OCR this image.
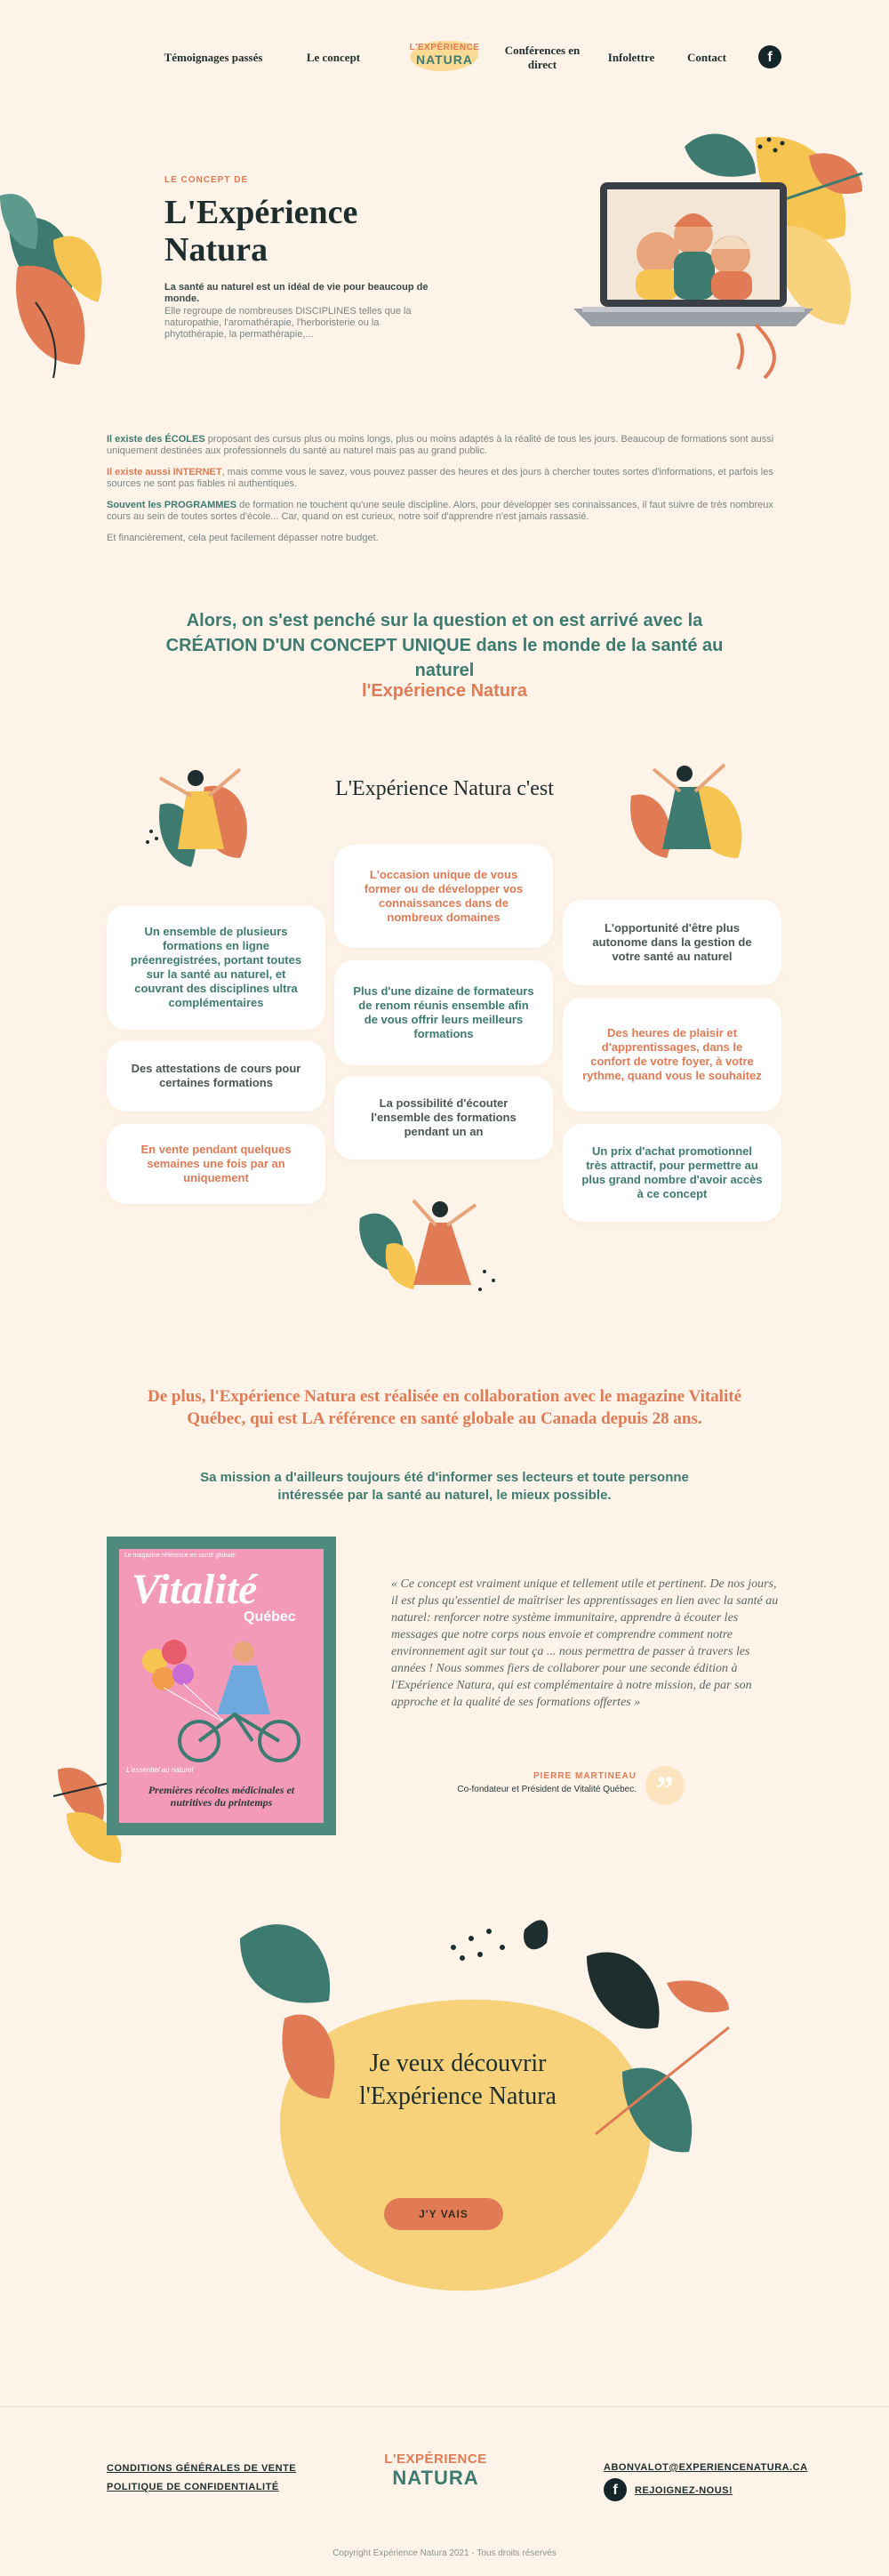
Témoignages passés	Le concept
L'EXPÉRIENCE
NATURA
Conférences en direct
Infolettre	Contact	f
LE CONCEPT DE
L'Expérience Natura

La santé au naturel est un idéal de vie pour beaucoup de monde.

Elle regroupe de nombreuses DISCIPLINES telles que la naturopathie, l'aromathérapie, l'herboristerie ou la phytothérapie, la permathérapie,...

Il existe des ÉCOLES proposant des cursus plus ou moins longs, plus ou moins adaptés à la réalité de tous les jours. Beaucoup de formations sont aussi uniquement destinées aux professionnels du santé au naturel mais pas au grand public.

Il existe aussi INTERNET, mais comme vous le savez, vous pouvez passer des heures et des jours à chercher toutes sortes d'informations, et parfois les sources ne sont pas fiables ni authentiques.

Souvent les PROGRAMMES de formation ne touchent qu'une seule discipline. Alors, pour développer ses connaissances, il faut suivre de très nombreux cours au sein de toutes sortes d'école... Car, quand on est curieux, notre soif d'apprendre n'est jamais rassasié.

Et financièrement, cela peut facilement dépasser notre budget.

Alors, on s'est penché sur la question et on est arrivé avec la CRÉATION D'UN CONCEPT UNIQUE dans le monde de la santé au naturel
l'Expérience Natura
L'Expérience Natura c'est
L'occasion unique de vous former ou de développer vos connaissances dans de nombreux domaines
Un ensemble de plusieurs formations en ligne préenregistrées, portant toutes sur la santé au naturel, et couvrant des disciplines ultra complémentaires
Plus d'une dizaine de formateurs de renom réunis ensemble afin de vous offrir leurs meilleurs formations
L'opportunité d'être plus autonome dans la gestion de votre santé au naturel
Des attestations de cours pour certaines formations
Des heures de plaisir et d'apprentissages, dans le confort de votre foyer, à votre rythme, quand vous le souhaitez
La possibilité d'écouter l'ensemble des formations pendant un an
En vente pendant quelques semaines une fois par an uniquement
Un prix d'achat promotionnel très attractif, pour permettre au plus grand nombre d'avoir accès à ce concept
De plus, l'Expérience Natura est réalisée en collaboration avec le magazine Vitalité Québec, qui est LA référence en santé globale au Canada depuis 28 ans.
Sa mission a d'ailleurs toujours été d'informer ses lecteurs et toute personne intéressée par la santé au naturel, le mieux possible.
Le magazine référence en santé globale
Vitalité
Québec
L'essentiel au naturel
Premières récoltes médicinales et nutritives du printemps

« Ce concept est vraiment unique et tellement utile et pertinent. De nos jours, il est plus qu'essentiel de maîtriser les apprentissages en lien avec la santé au naturel: renforcer notre système immunitaire, apprendre à écouter les messages que notre corps nous envoie et comprendre comment notre environnement agit sur tout ça ... nous permettra de passer à travers les années ! Nous sommes fiers de collaborer pour une seconde édition à l'Expérience Natura, qui est complémentaire à notre mission, de par son approche et la qualité de ses formations offertes »

PIERRE MARTINEAU
Co-fondateur et Président de Vitalité Québec. ”
Je veux découvrir l'Expérience Natura
J'Y VAIS
CONDITIONS GÉNÉRALES DE VENTE
POLITIQUE DE CONFIDENTIALITÉ
L'EXPÉRIENCE
NATURA	ABONVALOT@EXPERIENCENATURA.CA
f	REJOIGNEZ-NOUS!
Copyright Expérience Natura 2021 - Tous droits réservés
